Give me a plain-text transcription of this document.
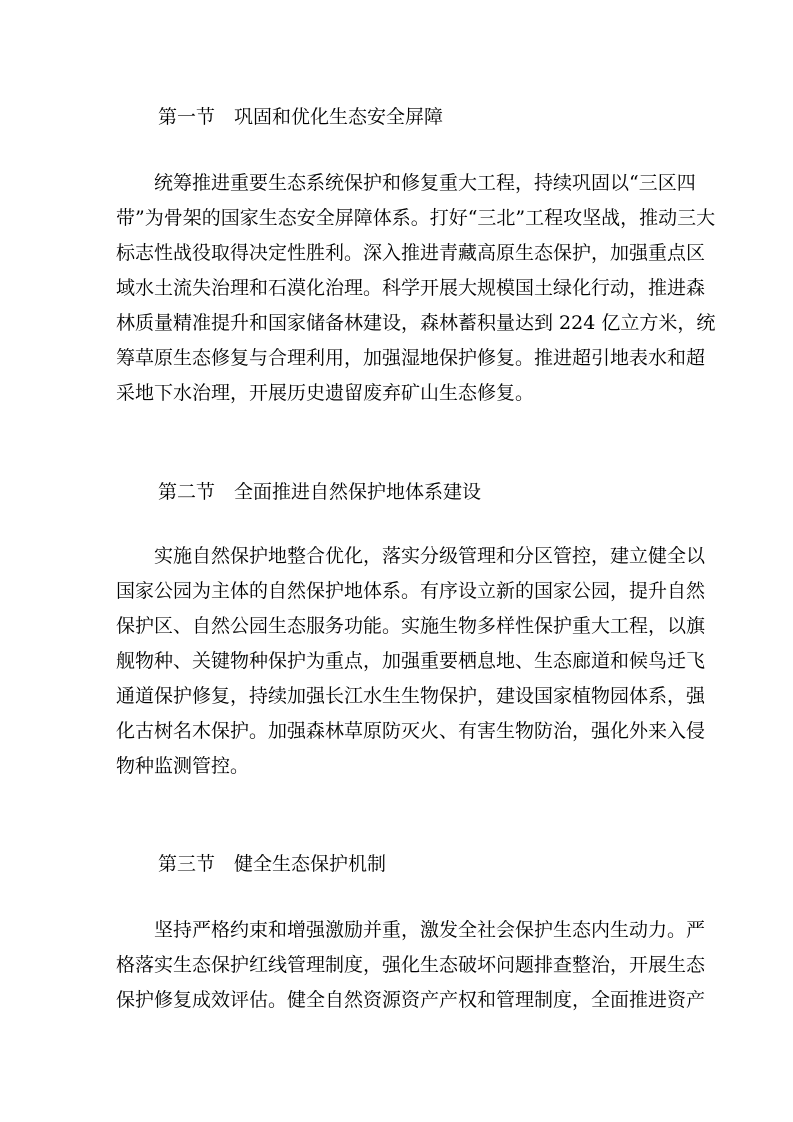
第一节　巩固和优化生态安全屏障
统筹推进重要生态系统保护和修复重大工程，持续巩固以“三区四
带”为骨架的国家生态安全屏障体系。打好“三北”工程攻坚战，推动三大
标志性战役取得决定性胜利。深入推进青藏高原生态保护，加强重点区
域水土流失治理和石漠化治理。科学开展大规模国土绿化行动，推进森
林质量精准提升和国家储备林建设，森林蓄积量达到 224 亿立方米，统
筹草原生态修复与合理利用，加强湿地保护修复。推进超引地表水和超
采地下水治理，开展历史遗留废弃矿山生态修复。
第二节　全面推进自然保护地体系建设
实施自然保护地整合优化，落实分级管理和分区管控，建立健全以
国家公园为主体的自然保护地体系。有序设立新的国家公园，提升自然
保护区、自然公园生态服务功能。实施生物多样性保护重大工程，以旗
舰物种、关键物种保护为重点，加强重要栖息地、生态廊道和候鸟迁飞
通道保护修复，持续加强长江水生生物保护，建设国家植物园体系，强
化古树名木保护。加强森林草原防灭火、有害生物防治，强化外来入侵
物种监测管控。
第三节　健全生态保护机制
坚持严格约束和增强激励并重，激发全社会保护生态内生动力。严
格落实生态保护红线管理制度，强化生态破坏问题排查整治，开展生态
保护修复成效评估。健全自然资源资产产权和管理制度，全面推进资产
